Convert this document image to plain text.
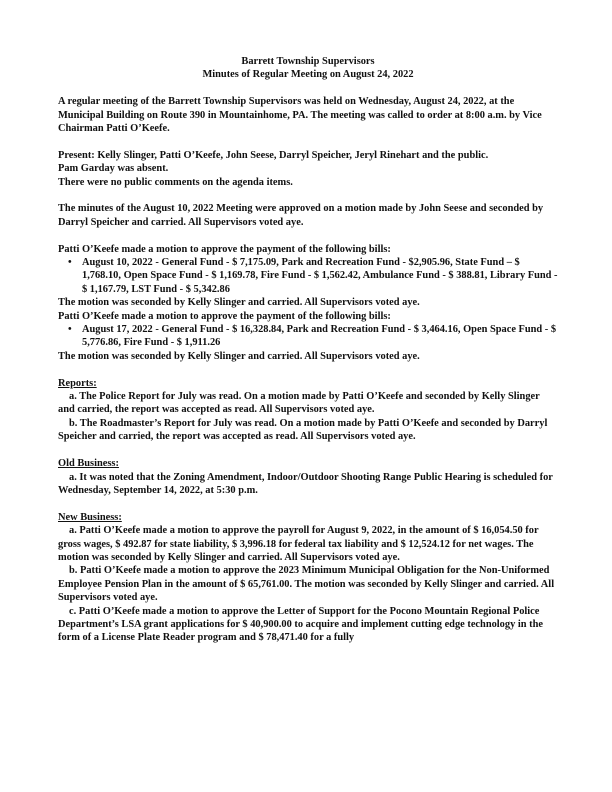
Barrett Township Supervisors

Minutes of Regular Meeting on August 24, 2022

A regular meeting of the Barrett Township Supervisors was held on Wednesday, August 24, 2022, at the Municipal Building on Route 390 in Mountainhome, PA. The meeting was called to order at 8:00 a.m. by Vice Chairman Patti O’Keefe.

Present: Kelly Slinger, Patti O’Keefe, John Seese, Darryl Speicher, Jeryl Rinehart and the public.

Pam Garday was absent.

There were no public comments on the agenda items.

The minutes of the August 10, 2022 Meeting were approved on a motion made by John Seese and seconded by Darryl Speicher and carried. All Supervisors voted aye.

Patti O’Keefe made a motion to approve the payment of the following bills:

• August 10, 2022 - General Fund - $ 7,175.09, Park and Recreation Fund - $2,905.96, State Fund – $ 1,768.10, Open Space Fund - $ 1,169.78, Fire Fund - $ 1,562.42, Ambulance Fund - $ 388.81, Library Fund - $ 1,167.79, LST Fund - $ 5,342.86

The motion was seconded by Kelly Slinger and carried. All Supervisors voted aye.

Patti O’Keefe made a motion to approve the payment of the following bills:

• August 17, 2022 - General Fund - $ 16,328.84, Park and Recreation Fund - $ 3,464.16, Open Space Fund - $ 5,776.86, Fire Fund - $ 1,911.26

The motion was seconded by Kelly Slinger and carried. All Supervisors voted aye.

Reports:

a. The Police Report for July was read. On a motion made by Patti O’Keefe and seconded by Kelly Slinger and carried, the report was accepted as read. All Supervisors voted aye.

b. The Roadmaster’s Report for July was read. On a motion made by Patti O’Keefe and seconded by Darryl Speicher and carried, the report was accepted as read. All Supervisors voted aye.

Old Business:

a. It was noted that the Zoning Amendment, Indoor/Outdoor Shooting Range Public Hearing is scheduled for Wednesday, September 14, 2022, at 5:30 p.m.

New Business:

a. Patti O’Keefe made a motion to approve the payroll for August 9, 2022, in the amount of $ 16,054.50 for gross wages, $ 492.87 for state liability, $ 3,996.18 for federal tax liability and $ 12,524.12 for net wages. The motion was seconded by Kelly Slinger and carried. All Supervisors voted aye.

b. Patti O’Keefe made a motion to approve the 2023 Minimum Municipal Obligation for the Non-Uniformed Employee Pension Plan in the amount of $ 65,761.00. The motion was seconded by Kelly Slinger and carried. All Supervisors voted aye.

c. Patti O’Keefe made a motion to approve the Letter of Support for the Pocono Mountain Regional Police Department’s LSA grant applications for $ 40,900.00 to acquire and implement cutting edge technology in the form of a License Plate Reader program and $ 78,471.40 for a fully
